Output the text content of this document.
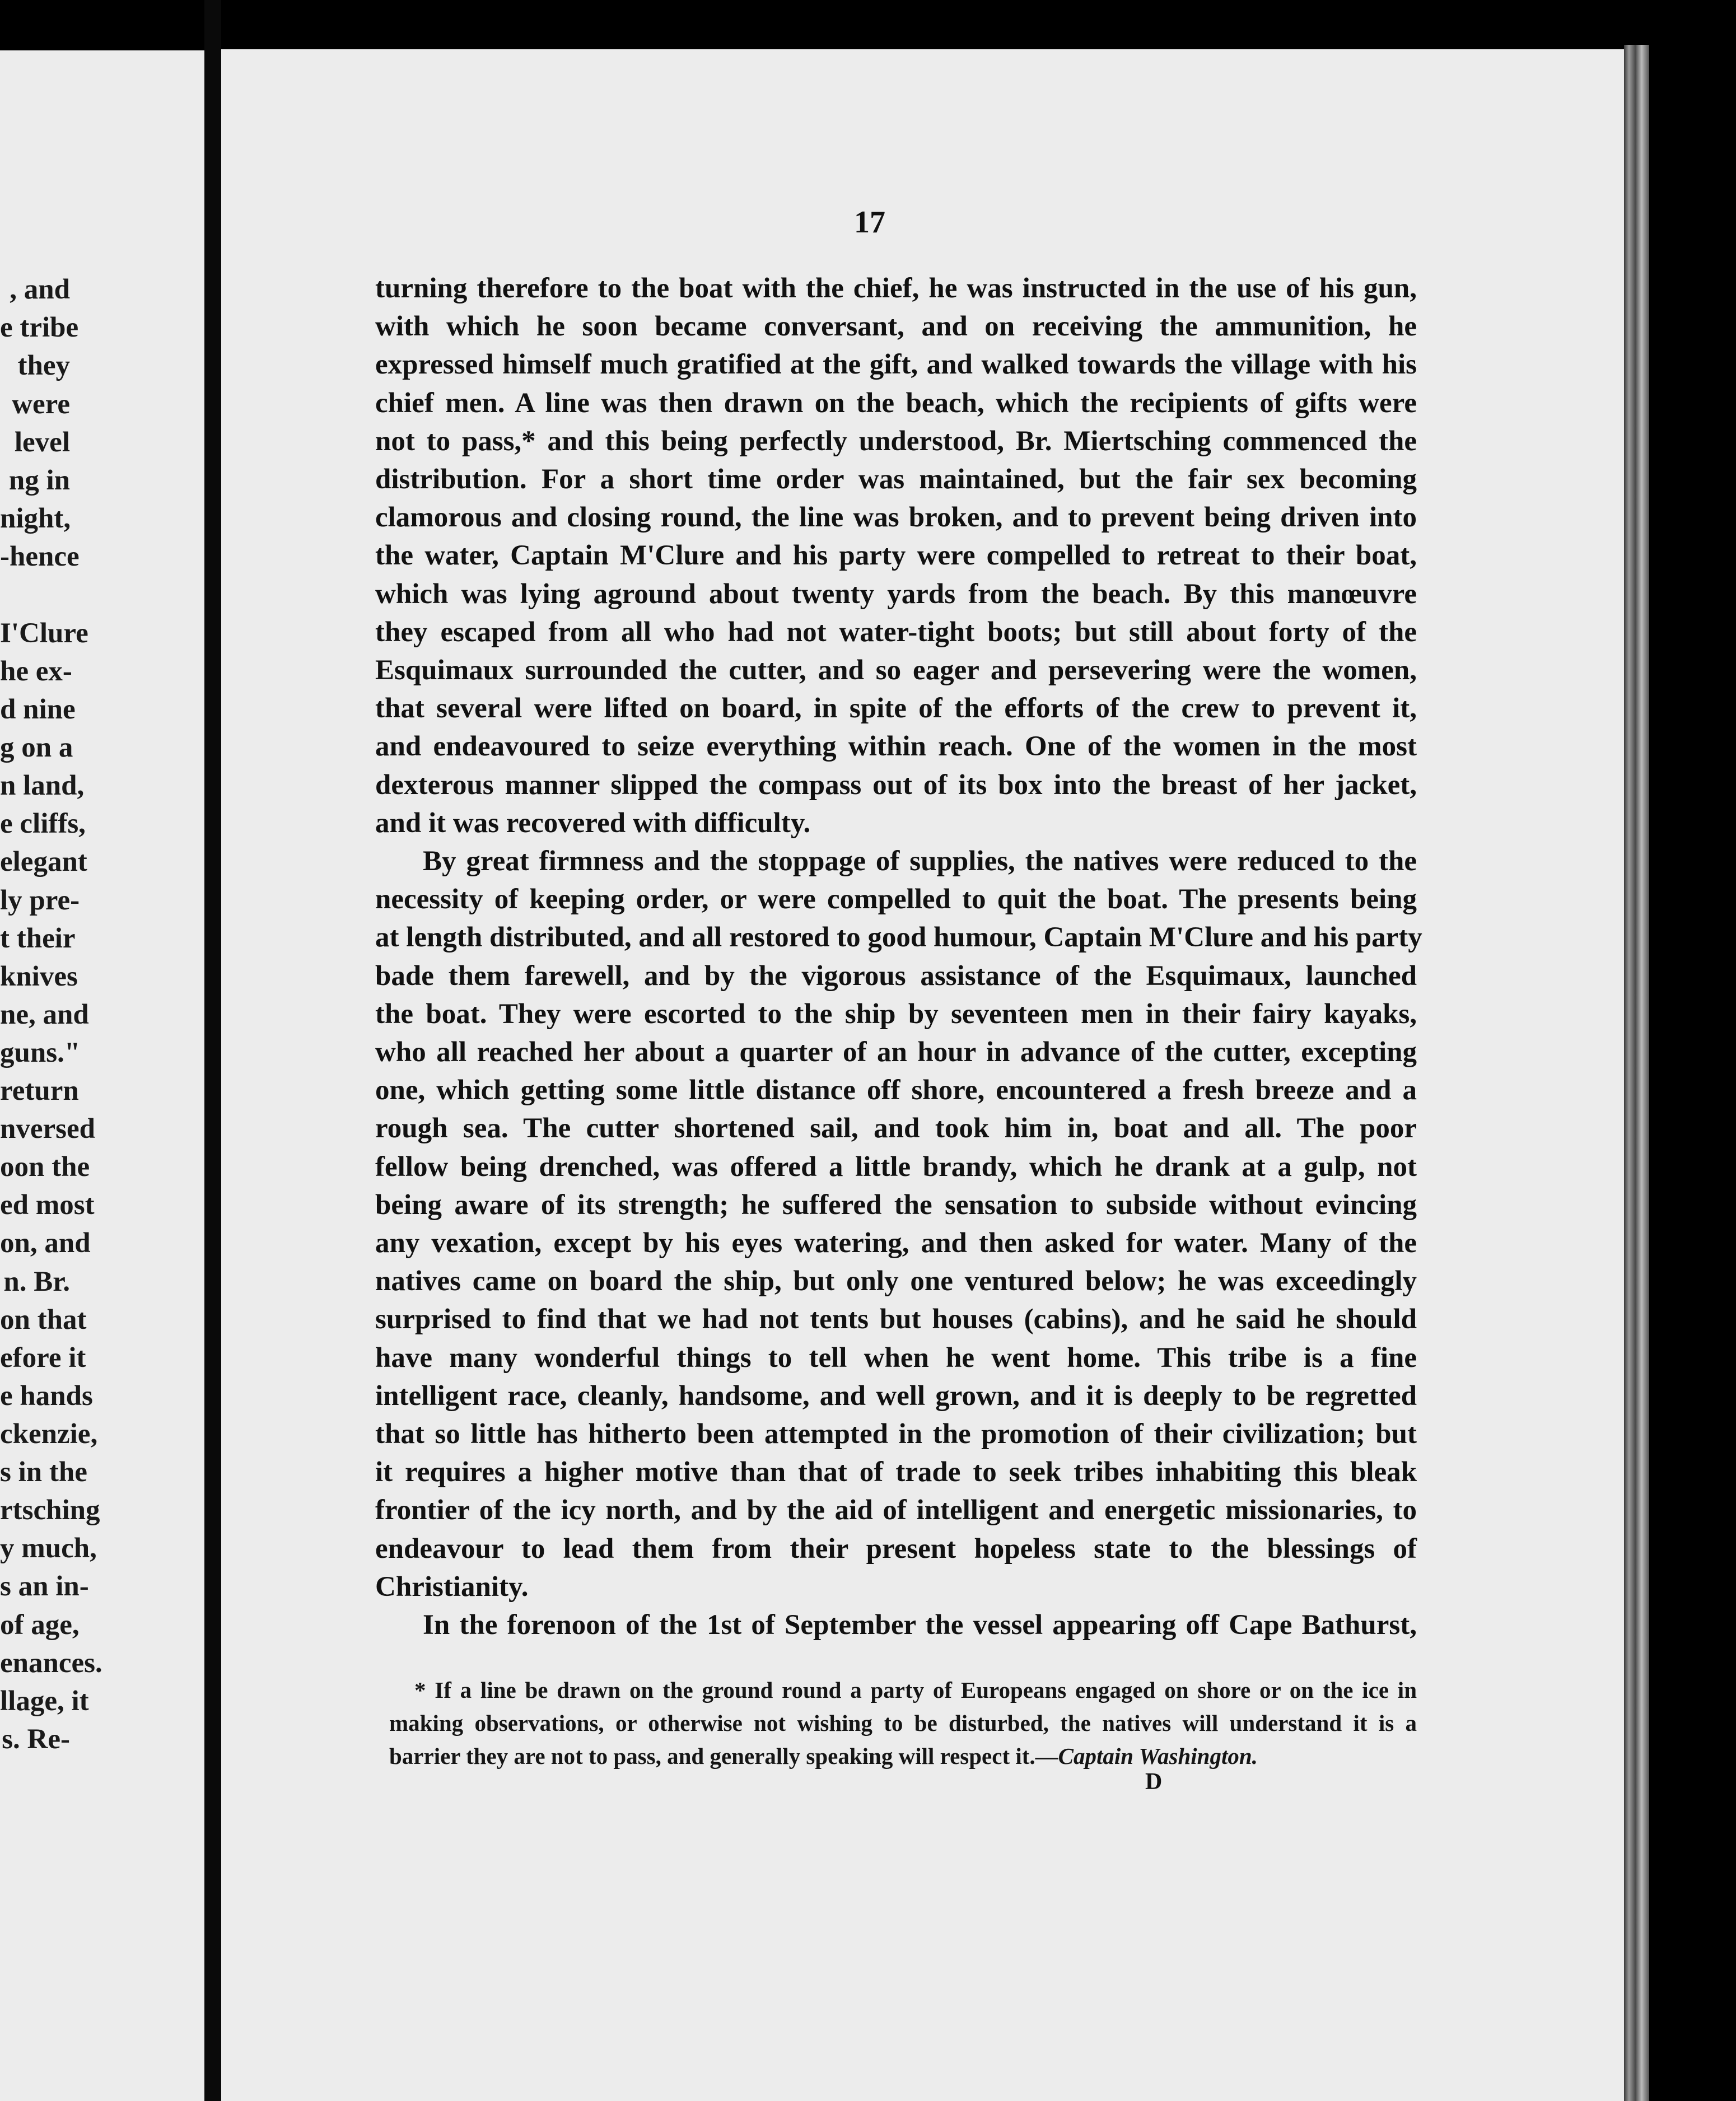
, and
e tribe
they
were
level
ng in
night,
-hence
I'Clure
he ex-
d nine
g on a
n land,
e cliffs,
elegant
ly pre-
t their
knives
ne, and
guns."
return
nversed
oon the
ed most
on, and
n. Br.
on that
efore it
e hands
ckenzie,
s in the
rtsching
y much,
s an in-
of age,
enances.
llage, it
s. Re-
17
turning therefore to the boat with the chief, he was instructed in the use of his gun,
with which he soon became conversant, and on receiving the ammunition, he
expressed himself much gratified at the gift, and walked towards the village with his
chief men. A line was then drawn on the beach, which the recipients of gifts were
not to pass,* and this being perfectly understood, Br. Miertsching commenced the
distribution. For a short time order was maintained, but the fair sex becoming
clamorous and closing round, the line was broken, and to prevent being driven into
the water, Captain M'Clure and his party were compelled to retreat to their boat,
which was lying aground about twenty yards from the beach. By this manœuvre
they escaped from all who had not water-tight boots; but still about forty of the
Esquimaux surrounded the cutter, and so eager and persevering were the women,
that several were lifted on board, in spite of the efforts of the crew to prevent it,
and endeavoured to seize everything within reach. One of the women in the most
dexterous manner slipped the compass out of its box into the breast of her jacket,
and it was recovered with difficulty.
By great firmness and the stoppage of supplies, the natives were reduced to the
necessity of keeping order, or were compelled to quit the boat. The presents being
at length distributed, and all restored to good humour, Captain M'Clure and his party
bade them farewell, and by the vigorous assistance of the Esquimaux, launched
the boat. They were escorted to the ship by seventeen men in their fairy kayaks,
who all reached her about a quarter of an hour in advance of the cutter, excepting
one, which getting some little distance off shore, encountered a fresh breeze and a
rough sea. The cutter shortened sail, and took him in, boat and all. The poor
fellow being drenched, was offered a little brandy, which he drank at a gulp, not
being aware of its strength; he suffered the sensation to subside without evincing
any vexation, except by his eyes watering, and then asked for water. Many of the
natives came on board the ship, but only one ventured below; he was exceedingly
surprised to find that we had not tents but houses (cabins), and he said he should
have many wonderful things to tell when he went home. This tribe is a fine
intelligent race, cleanly, handsome, and well grown, and it is deeply to be regretted
that so little has hitherto been attempted in the promotion of their civilization; but
it requires a higher motive than that of trade to seek tribes inhabiting this bleak
frontier of the icy north, and by the aid of intelligent and energetic missionaries, to
endeavour to lead them from their present hopeless state to the blessings of
Christianity.
In the forenoon of the 1st of September the vessel appearing off Cape Bathurst,
* If a line be drawn on the ground round a party of Europeans engaged on shore or on the ice in
making observations, or otherwise not wishing to be disturbed, the natives will understand it is a
barrier they are not to pass, and generally speaking will respect it.—Captain Washington.
D
